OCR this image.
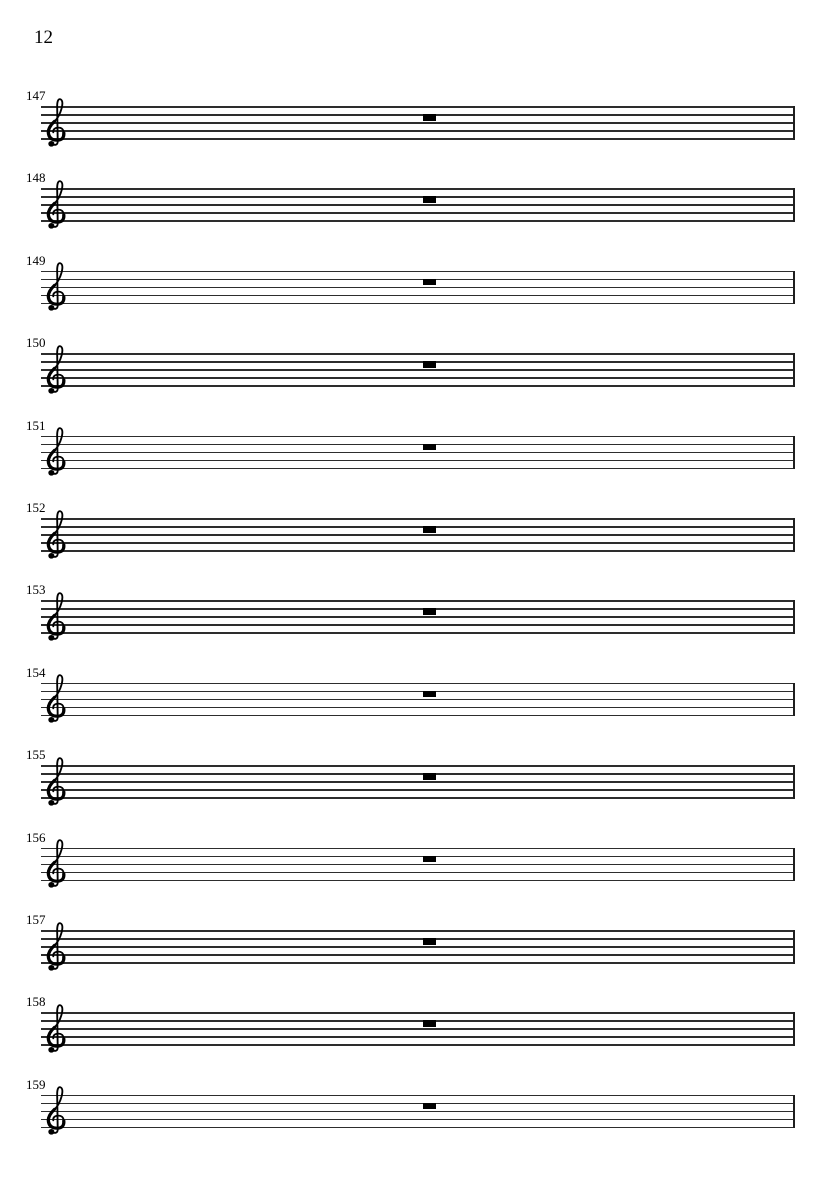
12
147
148
149
150
151
152
153
154
155
156
157
158
159
